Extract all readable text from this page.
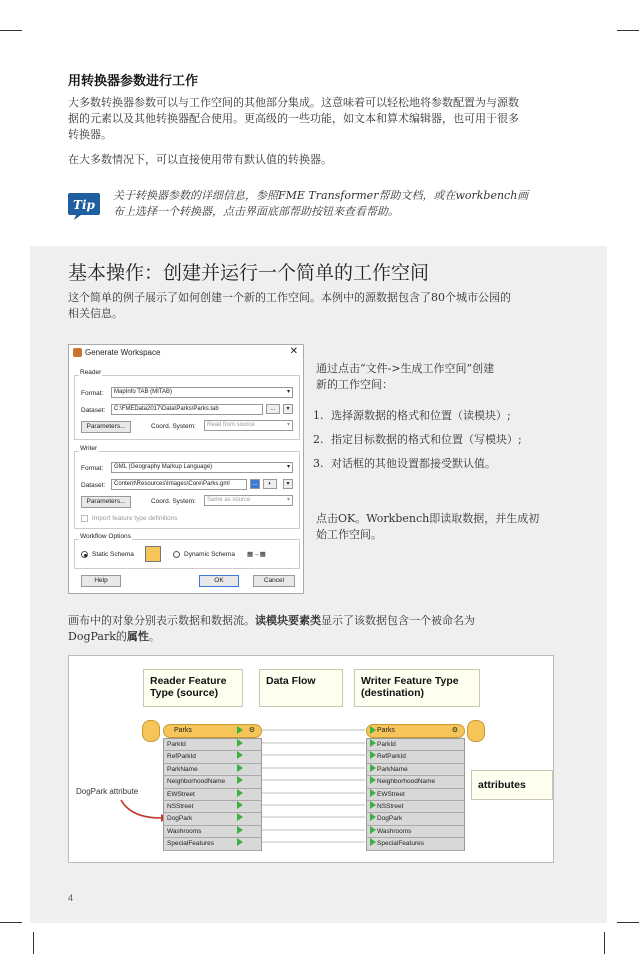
用转换器参数进行工作
大多数转换器参数可以与工作空间的其他部分集成。这意味着可以轻松地将参数配置为与源数据的元素以及其他转换器配合使用。更高级的一些功能，如文本和算术编辑器，也可用于很多转换器。
在大多数情况下，可以直接使用带有默认值的转换器。
Tip
关于转换器参数的详细信息，参照FME Transformer帮助文档，或在workbench画布上选择一个转换器，点击界面底部帮助按钮来查看帮助。
基本操作：创建并运行一个简单的工作空间
这个简单的例子展示了如何创建一个新的工作空间。本例中的源数据包含了80个城市公园的相关信息。
Generate Workspace	✕
Reader
Format:	MapInfo TAB (MITAB)	▾
Dataset:	C:\FMEData2017\Data\Parks\Parks.tab	...	▾
Parameters...	Coord. System:	Read from source	▾
Writer
Format:	GML (Geography Markup Language)	▾
Dataset:	Content\Resources\Images\Core\Parks.gml	...	◐	▾
Parameters...	Coord. System:	Same as source	▾
Import feature type definitions
Workflow Options
Static Schema	Dynamic Schema ▦→▦
Help	OK	Cancel
通过点击“文件->生成工作空间”创建新的工作空间：
1. 选择源数据的格式和位置（读模块）;
2. 指定目标数据的格式和位置（写模块）;
3. 对话框的其他设置都接受默认值。
点击OK。Workbench即读取数据，并生成初始工作空间。
画布中的对象分别表示数据和数据流。读模块要素类显示了该数据包含一个被命名为DogPark的属性。
Reader Feature Type (source)
Data Flow	Writer Feature Type (destination)
attributes
Parks	⚙
ParkId
RefParkId
ParkName
NeighborhoodName
EWStreet
NSStreet
DogPark
Washrooms
SpecialFeatures
Parks	⚙
ParkId
RefParkId
ParkName
NeighborhoodName
EWStreet
NSStreet
DogPark
Washrooms
SpecialFeatures
DogPark attribute
4
